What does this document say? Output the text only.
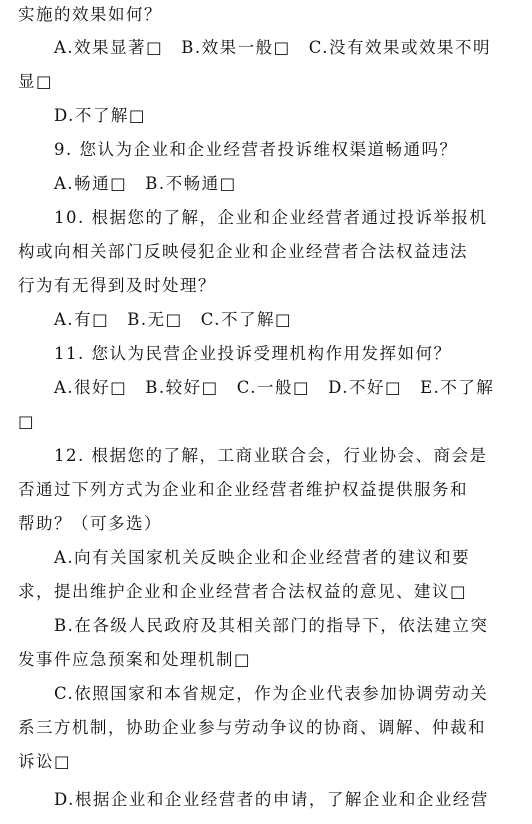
实施的效果如何？
A.效果显著□ B.效果一般□ C.没有效果或效果不明
显□
D.不了解□
9. 您认为企业和企业经营者投诉维权渠道畅通吗？
A.畅通□ B.不畅通□
10. 根据您的了解，企业和企业经营者通过投诉举报机
构或向相关部门反映侵犯企业和企业经营者合法权益违法
行为有无得到及时处理？
A.有□ B.无□ C.不了解□
11. 您认为民营企业投诉受理机构作用发挥如何？
A.很好□ B.较好□ C.一般□ D.不好□ E.不了解
□
12. 根据您的了解，工商业联合会，行业协会、商会是
否通过下列方式为企业和企业经营者维护权益提供服务和
帮助？（可多选）
A.向有关国家机关反映企业和企业经营者的建议和要
求，提出维护企业和企业经营者合法权益的意见、建议□
B.在各级人民政府及其相关部门的指导下，依法建立突
发事件应急预案和处理机制□
C.依照国家和本省规定，作为企业代表参加协调劳动关
系三方机制，协助企业参与劳动争议的协商、调解、仲裁和
诉讼□
D.根据企业和企业经营者的申请，了解企业和企业经营
